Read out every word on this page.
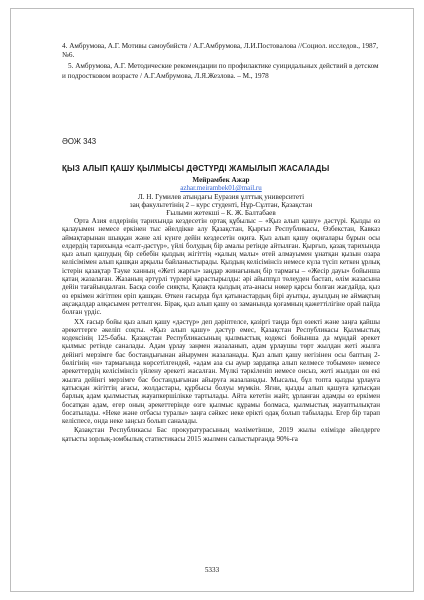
4. Амбрумова, А.Г. Мотивы самоубийств / А.Г.Амбрумова, Л.И.Постовалова //Социол. исследов., 1987, №6.

5. Амбрумова, А.Г. Методические рекомендации по профилактике суицидальных действий в детском и подростковом возрасте / А.Г.Амбрумова, Л.Я.Жезлова. – М., 1978

ӘОЖ 343
ҚЫЗ АЛЫП ҚАШУ ҚЫЛМЫСЫ ДӘСТҮРДІ ЖАМЫЛЫП ЖАСАЛАДЫ
Мейрамбек Ажар
azhar.meirambek01@mail.ru
Л. Н. Гумилев атындағы Еуразия ұлттық университеті
заң факультетінің 2 – курс студенті, Нұр-Сұлтан, Қазақстан
Ғылыми жетекші – К. Ж. Балтабаев

Орта Азия елдерінің тарихында кездесетін ортақ құбылыс – «Қыз алып қашу» дәстүрі. Қызды өз қалауымен немесе еркінен тыс әйелдікке алу Қазақстан, Қырғыз Республикасы, Өзбекстан, Кавказ аймақтарынан шыққан және әлі күнге дейін кездесетін оқиға. Қыз алып қашу оқиғалары бұрын осы елдердің тарихында «салт-дәстүр», үйлі болудың бір амалы ретінде айтылған. Қырғыз, қазақ тарихында қыз алып қашудың бір себебін қыздың жігіттің «қалың малы» өтей алмауымен ұнатқан қызын озара келісімімен алып қашқан арқылы байланыстырады. Қыздың келісімінсіз немесе күла түсіп кеткен ұрлық істерін қазақтар Тәуке ханның «Жеті жарғы» заңдар жинағының бір тармағы – «Жесір дауы» бойынша қатаң жазалаған. Жазаның әртүрлі түрлері қарастырылды: әрі айыппұл төлеуден бастап, өлім жазасына дейін тағайындалған. Басқа сөзбе сияқты, Қазақта қыздың ата-анасы нөкер қарсы болған жағдайда, қыз өз еркімен жігітпен еріп қашқан. Өткен ғасырда бұл қатынастардың бірі ауытқы, ауылдың не аймақтың ақсақалдар алқасымен реттелген. Бірақ, қыз алып қашу өз заманында қоғамның қажеттілігіне орай пайда болған үрдіс.

XX ғасыр бойы қыз алып қашу «дәстүр» деп дәріптелсе, қазіргі таңда бұл өзекті және заңға қайшы әрекеттерге әкеліп соқты. «Қыз алып қашу» дәстүр емес, Қазақстан Республикасы Қылмыстық кодексінің 125-бабы. Қазақстан Республикасының қылмыстық кодексі бойынша да мұндай әрекет қылмыс ретінде саналады. Адам ұрлау заңмен жазаланып, адам ұрлаушы төрт жылдан жеті жылға дейінгі мерзімге бас бостандығынан айырумен жазаланады. Қыз алып қашу негізінен осы баптың 2-бөлігінің «н» тармағында көрсетілгендей, «адам аза сы ауыр зардапқа алып келмесе тобымен» немесе әрекеттердің келісімінсіз үйлену әрекеті жасалған. Мүлкі тәркіленіп немесе онсыз, жеті жылдан он екі жылға дейінгі мерзімге бас бостандығынан айыруға жазаланады. Мысалы, бұл топта қызды ұрлауға қатысқан жігіттің ағасы, жолдастары, құрбысы болуы мүмкін. Яғни, қызды алып қашуға қатысқан барлық адам қылмыстық жауапкершілікке тартылады. Айта кететін жайт, ұрланған адамды өз еркімен босатқан адам, егер оның әрекеттерінде өзге қылмыс құрамы болмаса, қылмыстық жауаптылықтан босатылады. «Неке және отбасы туралы» заңға сәйкес неке ерікті одақ болып табылады. Егер бір тарап келіспесе, онда неке заңсыз болып саналады.

Қазақстан Республикасы Бас прокуратурасының мәліметінше, 2019 жылы елімізде әйелдерге қатысты зорлық-зомбылық статистикасы 2015 жылмен салыстырғанда 90%-ға

5333
